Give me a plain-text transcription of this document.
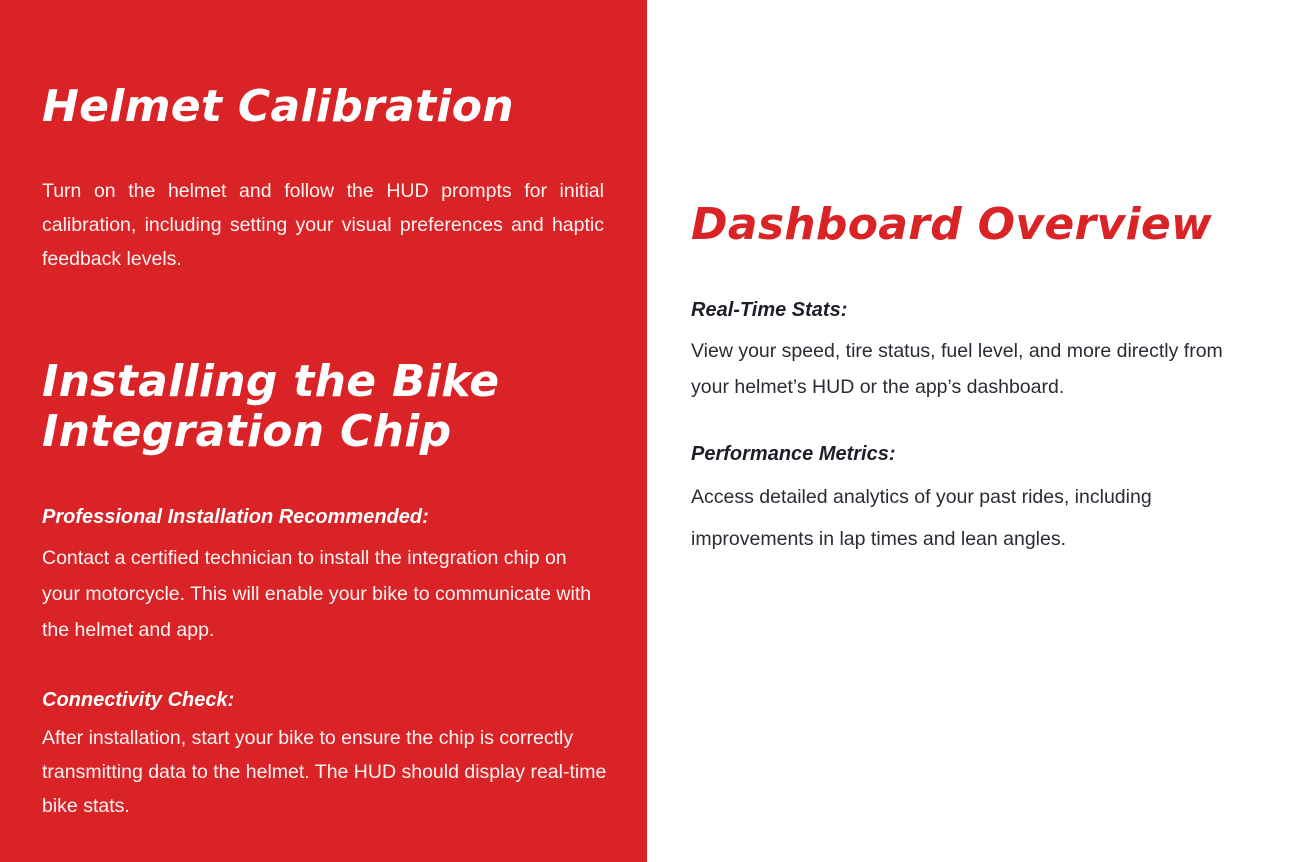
Helmet Calibration

Turn on the helmet and follow the HUD prompts for initial calibration, including setting your visual preferences and haptic feedback levels.

Installing the Bike Integration Chip
Professional Installation Recommended:

Contact a certified technician to install the integration chip on your motorcycle. This will enable your bike to communicate with the helmet and app.

Connectivity Check:

After installation, start your bike to ensure the chip is correctly transmitting data to the helmet. The HUD should display real-time bike stats.

Dashboard Overview
Real-Time Stats:

View your speed, tire status, fuel level, and more directly from your helmet’s HUD or the app’s dashboard.

Performance Metrics:

Access detailed analytics of your past rides, including improvements in lap times and lean angles.
